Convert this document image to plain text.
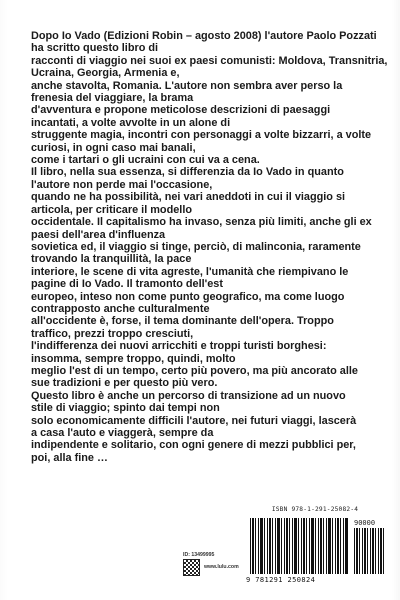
Dopo Io Vado (Edizioni Robin – agosto 2008) l'autore Paolo Pozzati
ha scritto questo libro di
racconti di viaggio nei suoi ex paesi comunisti: Moldova, Transnitria,
Ucraina, Georgia, Armenia e,
anche stavolta, Romania. L'autore non sembra aver perso la
frenesia del viaggiare, la brama
d'avventura e propone meticolose descrizioni di paesaggi
incantati, a volte avvolte in un alone di
struggente magia, incontri con personaggi a volte bizzarri, a volte
curiosi, in ogni caso mai banali,
come i tartari o gli ucraini con cui va a cena.
Il libro, nella sua essenza, si differenzia da Io Vado in quanto
l'autore non perde mai l'occasione,
quando ne ha possibilità, nei vari aneddoti in cui il viaggio si
articola, per criticare il modello
occidentale. Il capitalismo ha invaso, senza più limiti, anche gli ex
paesi dell'area d'influenza
sovietica ed, il viaggio si tinge, perciò, di malinconia, raramente
trovando la tranquillità, la pace
interiore, le scene di vita agreste, l'umanità che riempivano le
pagine di Io Vado. Il tramonto dell'est
europeo, inteso non come punto geografico, ma come luogo
contrapposto anche culturalmente
all'occidente è, forse, il tema dominante dell'opera. Troppo
traffico, prezzi troppo cresciuti,
l'indifferenza dei nuovi arricchiti e troppi turisti borghesi:
insomma, sempre troppo, quindi, molto
meglio l'est di un tempo, certo più povero, ma più ancorato alle
sue tradizioni e per questo più vero.
Questo libro è anche un percorso di transizione ad un nuovo
stile di viaggio; spinto dai tempi non
solo economicamente difficili l'autore, nei futuri viaggi, lascerà
a casa l'auto e viaggerà, sempre da
indipendente e solitario, con ogni genere di mezzi pubblici per,
poi, alla fine …
ID: 13499995
www.lulu.com
ISBN 978-1-291-25082-4
90000
9 781291 250824
